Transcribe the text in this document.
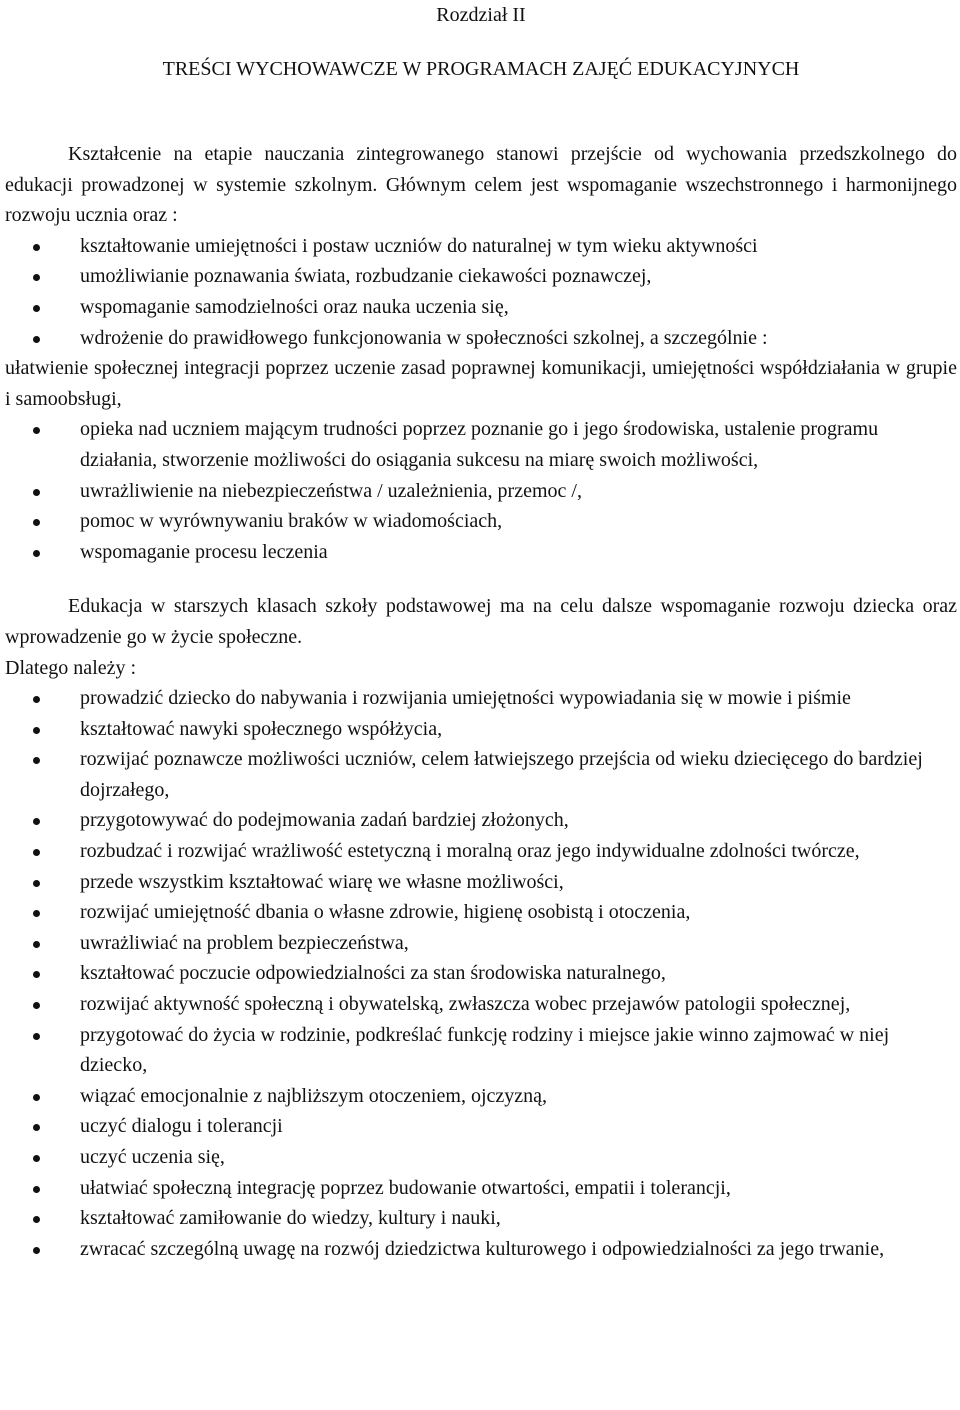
Rozdział II

TREŚCI WYCHOWAWCZE W PROGRAMACH ZAJĘĆ EDUKACYJNYCH

Kształcenie na etapie nauczania zintegrowanego stanowi przejście od wychowania przedszkolnego do edukacji prowadzonej w systemie szkolnym. Głównym celem jest wspomaganie wszechstronnego i harmonijnego rozwoju ucznia oraz :

kształtowanie umiejętności i postaw uczniów do naturalnej w tym wieku aktywności
umożliwianie poznawania świata, rozbudzanie ciekawości poznawczej,
wspomaganie samodzielności oraz nauka uczenia się,
wdrożenie do prawidłowego funkcjonowania w społeczności szkolnej, a szczególnie :

ułatwienie społecznej integracji poprzez uczenie zasad poprawnej komunikacji, umiejętności współdziałania w grupie i samoobsługi,

opieka nad uczniem mającym trudności poprzez poznanie go i jego środowiska, ustalenie programu działania, stworzenie możliwości do osiągania sukcesu na miarę swoich możliwości,
uwrażliwienie na niebezpieczeństwa / uzależnienia, przemoc /,
pomoc w wyrównywaniu braków w wiadomościach,
wspomaganie procesu leczenia

Edukacja w starszych klasach szkoły podstawowej ma na celu dalsze wspomaganie rozwoju dziecka oraz wprowadzenie go w życie społeczne.

Dlatego należy :

prowadzić dziecko do nabywania i rozwijania umiejętności wypowiadania się w mowie i piśmie
kształtować nawyki społecznego współżycia,
rozwijać poznawcze możliwości uczniów, celem łatwiejszego przejścia od wieku dziecięcego do bardziej dojrzałego,
przygotowywać do podejmowania zadań bardziej złożonych,
rozbudzać i rozwijać wrażliwość estetyczną i moralną oraz jego indywidualne zdolności twórcze,
przede wszystkim kształtować wiarę we własne możliwości,
rozwijać umiejętność dbania o własne zdrowie, higienę osobistą i otoczenia,
uwrażliwiać na problem bezpieczeństwa,
kształtować poczucie odpowiedzialności za stan środowiska naturalnego,
rozwijać aktywność społeczną i obywatelską, zwłaszcza wobec przejawów patologii społecznej,
przygotować do życia w rodzinie, podkreślać funkcję rodziny i miejsce jakie winno zajmować w niej dziecko,
wiązać emocjonalnie z najbliższym otoczeniem, ojczyzną,
uczyć dialogu i tolerancji
uczyć uczenia się,
ułatwiać społeczną integrację poprzez budowanie otwartości, empatii i tolerancji,
kształtować zamiłowanie do wiedzy, kultury i nauki,
zwracać szczególną uwagę na rozwój dziedzictwa kulturowego i odpowiedzialności za jego trwanie,
